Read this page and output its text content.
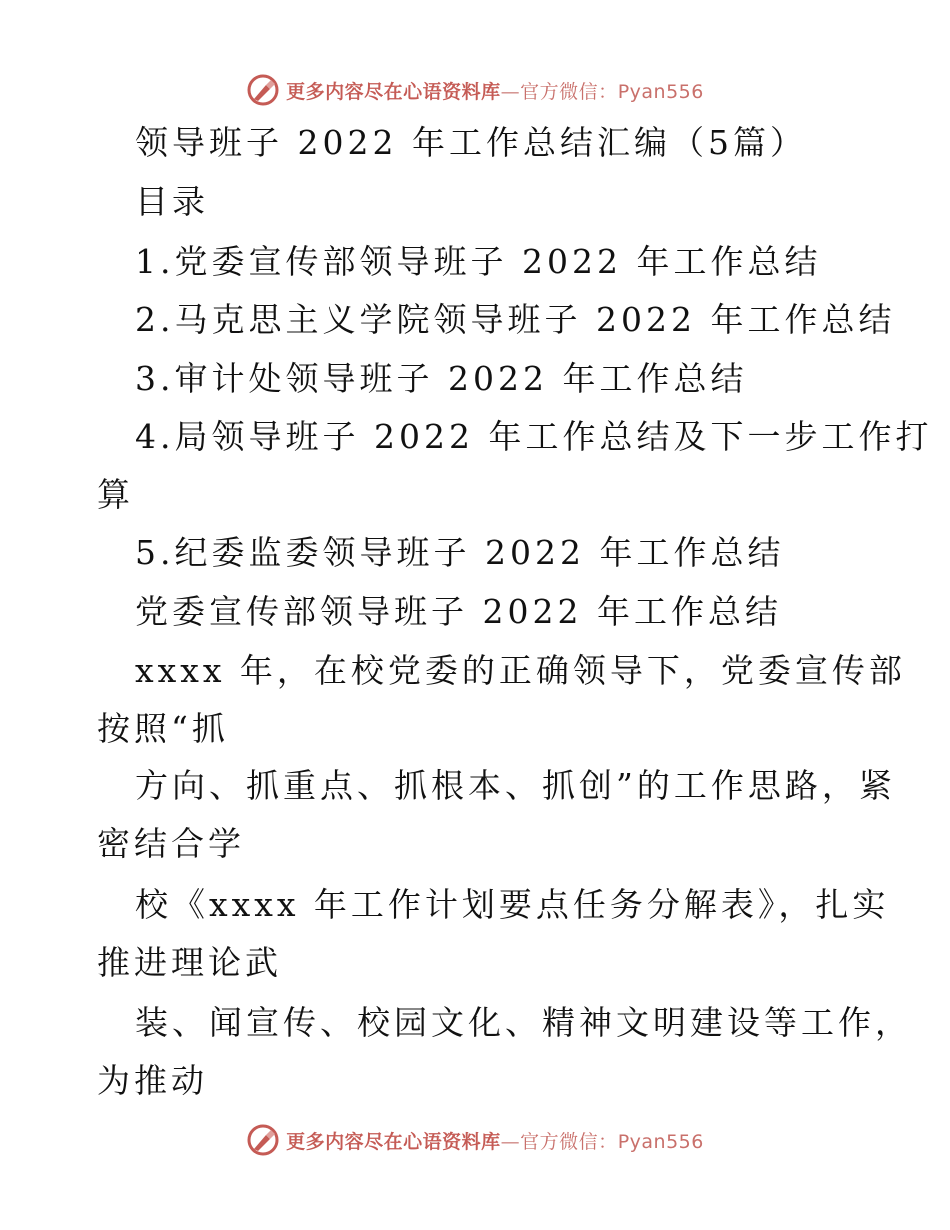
更多内容尽在心语资料库—官方微信：Pyan556
领导班子 2022 年工作总结汇编（5篇）
目录
1.党委宣传部领导班子 2022 年工作总结
2.马克思主义学院领导班子 2022 年工作总结
3.审计处领导班子 2022 年工作总结
4.局领导班子 2022 年工作总结及下一步工作打
算
5.纪委监委领导班子 2022 年工作总结
党委宣传部领导班子 2022 年工作总结
xxxx 年，在校党委的正确领导下，党委宣传部
按照“抓
方向、抓重点、抓根本、抓创”的工作思路，紧
密结合学
校《xxxx 年工作计划要点任务分解表》，扎实
推进理论武
装、闻宣传、校园文化、精神文明建设等工作，
为推动
更多内容尽在心语资料库—官方微信：Pyan556
